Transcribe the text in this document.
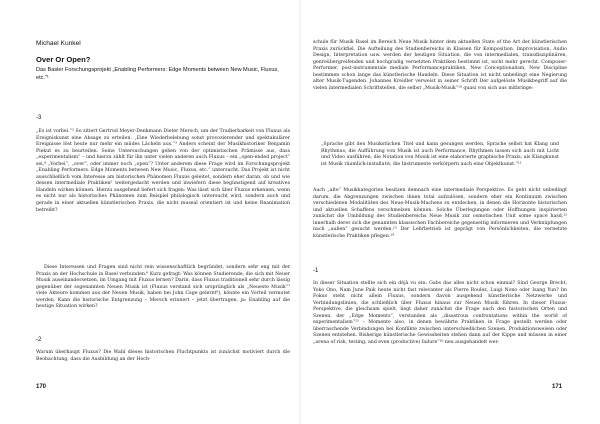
Michael Kunkel
Over Or Open?
Das Basler Forschungsprojekt „Enabling Performers: Edge Moments between New Music, Fluxus, etc.“¹
-3
„Es ist vorbei.“² So zitiert Gertrud Meyer-Denkmann Dieter Mersch, um der Tradierbarkeit von Fluxus als Ereigniskunst eine Absage zu erteilen. „Eine Wiederbelebung sonst provozierender und spektakulärer Ereignisse löst heute nur mehr ein müdes Lächeln aus.“³ Anders scheint der Musikhistoriker Benjamin Piekut es zu beurteilen. Seine Untersuchungen gehen von der optimistischen Prämisse aus, dass „experimentalism“ – und hierzu zählt für ihn unter vielen anderen auch Fluxus – ein „open-ended project“ sei.⁴ „Vorbei“, „over“, oder immer noch „open“? Unter anderem diese Frage wird im Forschungsprojekt „Enabling Performers. Edge Moments between New Music, Fluxus, etc.“ untersucht. Das Projekt ist nicht ausschließlich vom Interesse am historischen Phänomen Fluxus geleitet, sondern eher daran, ob und wie dessen intermediale Praktiken⁵ weitergedacht werden und inwiefern diese begünstigend auf kreatives Handeln wirken können. Hierzu ausgehend liefert sich fragen: Was lässt sich über Fluxus erkennen, wenn es nicht nur als historisches Phänomen zum Beispiel philologisch untersucht wird, sondern auch und gerade in einer aktuellen künstlerischen Praxis, die nicht museal orientiert ist und keine Reanimation betreibt?
Diese Interessen und Fragen sind nicht rein wissenschaftlich begründet, sondern sehr eng mit der Praxis an der Hochschule in Basel verbunden.⁶ Kurz gefragt: Was können Studierende, die sich mit Neuer Musik auseinandersetzen, im Umgang mit Fluxus lernen? Darin, dass Fluxus traditionell sehr durch lässig gegenüber der sogenannten Neuen Musik ist (Fluxus verstand sich ursprünglich als „Neueste Musik“⁷ viele Akteure kommen aus der Neuen Musik, haben bei John Cage gelernt⁸), könnte ein Vorteil vermutet werden. Kann die historische Entgrenzung – Mersch erinnert – jetzt übertragen, ja: Enabling auf die heutige Situation wirken?
-2
Warum überhaupt Fluxus? Die Wahl dieses historischen Fluchtpunkts ist zunächst motiviert durch die Beobachtung, dass die Ausbildung an der Hoch-
schule für Musik Basel im Bereich Neue Musik hinter dem aktuellen State of the Art der künstlerischen Praxis zurückfiel. Die Aufteilung des Studienbereichs in Klassen für Komposition, Improvisation, Audio Design, Interpretation usw. werden der heutigen Situation, die von intermedialen, transdisziplinären, genreübergreifenden und hochgradig vernetzten Praktiken bestimmt ist, nicht mehr gerecht. Composer-Performer, post-instrumentale mediale Performancepraktiken, New Conceptionalism, New Discipline bestimmen schon lange das künstlerische Handeln. Diese Situation ist nicht unbedingt eine Negierung alter Musik-Tugenden. Johannes Kreidler verweist in seiner Schrift Der aufgelöste Musikbegriff auf die vielen intermedialen Schriftstellen, die selbst „Musik-Musik“¹⁰ quasi von sich aus mitbringe:
„Sprache gibt den Musikstücken Titel und kann gesungen werden, Sprache selbst hat Klang und Rhythmus, die Aufführung von Musik ist auch Performance, Rhythmen lassen sich auch mit Licht und Video ausführen, die Notation von Musik ist eine elaborierte graphische Praxis, als Klangkunst ist Musik räumlich-installativ, die Instrumente verkörpern auch eine Objektkunst.“¹¹
Auch „alte“ Musikkategorien besitzen demnach eine intermediale Perspektive. Es geht nicht unbedingt darum, die Abgrenzungen zwischen ihnen total aufzulösen, sondern eher ein Kontinuum zwischen verschiedenen Modalitäten des Neue-Musik-Machens zu entdecken, in denen die Horizonte historischen und aktuellen Schaffens verschmelzen können. Solche Überlegungen oder Hoffnungen inspirierten zunächst die Umbildung des Studienbereichs Neue Musik zur osmotischen Unit some space hasd,¹² innerhalb derer sich die genannten klassischen Fachbereiche gegenseitig informieren und Verknüpfungen nach „außen“ gesucht werden.¹³ Der Lehrbetrieb ist geprägt von Persönlichkeiten, die vernetzte künstlerische Praktiken pflegen.¹⁴
-1
In dieser Situation stellte sich ein déjà vu ein: Gabs das alles nicht schon einmal? Sind George Brecht, Yoko Ono, Nam June Paik heute nicht fast relevanter als Pierre Boulez, Luigi Nono oder Isang Yun? Im Fokus steht nicht allein Fluxus, sondern davon ausgehend künstlerische Netzwerke und Verbindungslinien, die schließlich über Fluxus hinaus zur Neuen Musik führen. In dieser Fluxus-Perspektive, die gleichsam spielt, liegt daher zunächst die Frage nach den historischen Orten und Szenen, der „Edge Moments“, verstanden als „disastrous confrontations within the world of experimentalism“¹⁵ – Momente also, in denen bewährte Praktiken in Frage gestellt werden oder überraschende Verbindungen bei Konflikte zwischen unterschiedlichen Szenen, Produktionsweisen oder Szenen entstehen. Bisherige künstlerische Gewissheiten stehen dann auf der Kippe und müssen in einer „arena of risk, testing, and even (productive) failure“¹⁶ neu ausgehandelt wer-
170	171
